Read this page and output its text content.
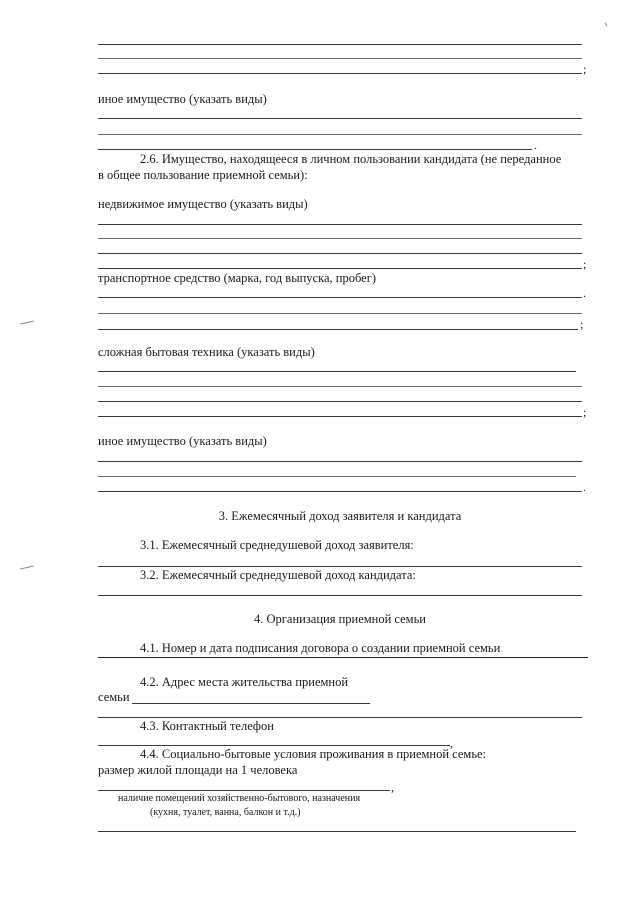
;
иное имущество (указать виды)
.
2.6. Имущество, находящееся в личном пользовании кандидата (не переданное
в общее пользование приемной семьи):
недвижимое имущество (указать виды)
;
транспортное средство (марка, год выпуска, пробег)
.
;
сложная бытовая техника (указать виды)
;
иное имущество (указать виды)
.
3. Ежемесячный доход заявителя и кандидата
3.1. Ежемесячный среднедушевой доход заявителя:
3.2. Ежемесячный среднедушевой доход кандидата:
4. Организация приемной семьи
4.1. Номер и дата подписания договора о создании приемной семьи
4.2. Адрес места жительства приемной
семьи
4.3. Контактный телефон
,
4.4. Социально-бытовые условия проживания в приемной семье:
размер жилой площади на 1 человека
,
наличие помещений хозяйственно-бытового, назначения
(кухня, туалет, ванна, балкон и т.д.)
